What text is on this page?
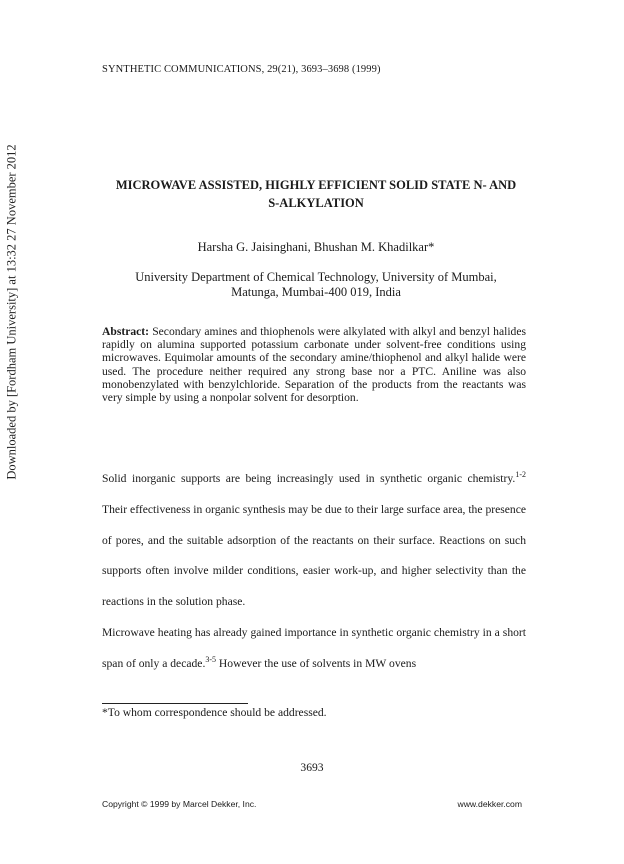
Downloaded by [Fordham University] at 13:32 27 November 2012
SYNTHETIC COMMUNICATIONS, 29(21), 3693–3698 (1999)
MICROWAVE ASSISTED, HIGHLY EFFICIENT SOLID STATE N- AND
S-ALKYLATION
Harsha G. Jaisinghani, Bhushan M. Khadilkar*
University Department of Chemical Technology, University of Mumbai,
Matunga, Mumbai-400 019, India
Abstract: Secondary amines and thiophenols were alkylated with alkyl and benzyl halides rapidly on alumina supported potassium carbonate under solvent-free conditions using microwaves. Equimolar amounts of the secondary amine/thiophenol and alkyl halide were used. The procedure neither required any strong base nor a PTC. Aniline was also monobenzylated with benzylchloride. Separation of the products from the reactants was very simple by using a nonpolar solvent for desorption.

Solid inorganic supports are being increasingly used in synthetic organic chemistry.$^{1-2}$ Their effectiveness in organic synthesis may be due to their large surface area, the presence of pores, and the suitable adsorption of the reactants on their surface. Reactions on such supports often involve milder conditions, easier work-up, and higher selectivity than the reactions in the solution phase.

Microwave heating has already gained importance in synthetic organic chemistry in a short span of only a decade.$^{3-5}$ However the use of solvents in MW ovens

*To whom correspondence should be addressed.
3693
Copyright © 1999 by Marcel Dekker, Inc.	www.dekker.com
